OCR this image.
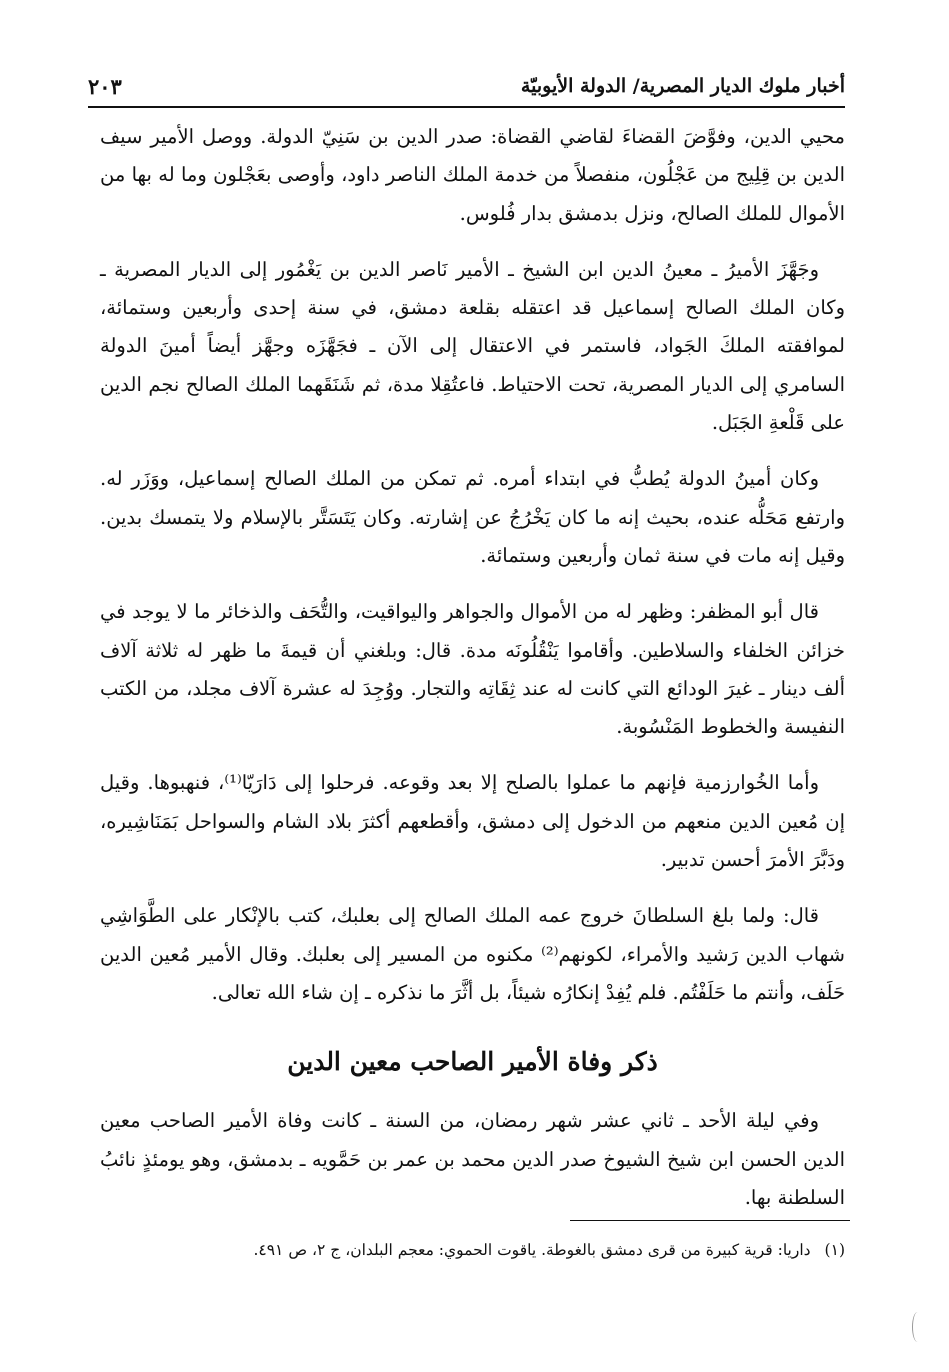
أخبار ملوك الديار المصرية/ الدولة الأيوبيّة
٢٠٣

محيي الدين، وفوَّضَ القضاءَ لقاضي القضاة: صدر الدين بن سَنِيّ الدولة. ووصل الأمير سيف الدين بن قِلِيج من عَجْلُون، منفصلاً من خدمة الملك الناصر داود، وأوصى بعَجْلون وما له بها من الأموال للملك الصالح، ونزل بدمشق بدار فُلوس.

وجَهَّزَ الأميرُ ـ معينُ الدين ابن الشيخ ـ الأمير نَاصر الدين بن يَغْمُور إلى الديار المصرية ـ وكان الملك الصالح إسماعيل قد اعتقله بقلعة دمشق، في سنة إحدى وأربعين وستمائة، لموافقته الملكَ الجَواد، فاستمر في الاعتقال إلى الآن ـ فجَهَّزَه وجهَّز أيضاً أمينَ الدولة السامري إلى الديار المصرية، تحت الاحتياط. فاعتُقِلا مدة، ثم شَنَقَهما الملك الصالح نجم الدين على قَلْعةِ الجَبَل.

وكان أمينُ الدولة يُطبُّ في ابتداء أمره. ثم تمكن من الملك الصالح إسماعيل، ووَزَر له. وارتفع مَحَلُّه عنده، بحيث إنه ما كان يَخْرُجُ عن إشارته. وكان يَتَسَتَّر بالإسلام ولا يتمسك بدين. وقيل إنه مات في سنة ثمان وأربعين وستمائة.

قال أبو المظفر: وظهر له من الأموال والجواهر واليواقيت، والتُّحَف والذخائر ما لا يوجد في خزائن الخلفاء والسلاطين. وأقاموا يَنْقُلُونَه مدة. قال: وبلغني أن قيمةَ ما ظهر له ثلاثة آلاف ألف دينار ـ غيرَ الودائع التي كانت له عند ثِقَاتِه والتجار. ووُجِدَ له عشرة آلاف مجلد، من الكتب النفيسة والخطوط المَنْسُوبة.

وأما الخُوارزمية فإنهم ما عملوا بالصلح إلا بعد وقوعه. فرحلوا إلى دَارَيّا⁽¹⁾، فنهبوها. وقيل إن مُعين الدين منعهم من الدخول إلى دمشق، وأقطعهم أكثرَ بلاد الشام والسواحل بَمَنَاشِيره، ودَبَّرَ الأمرَ أحسن تدبير.

قال: ولما بلغ السلطانَ خروج عمه الملك الصالح إلى بعلبك، كتب بالإنْكار على الطَّوَاشِي شهاب الدين رَشيد والأمراء، لكونهم⁽²⁾ مكنوه من المسير إلى بعلبك. وقال الأمير مُعين الدين حَلَف، وأنتم ما حَلَفْتُم. فلم يُفِدْ إنكارُه شيئاً، بل أثَّرَ ما نذكره ـ إن شاء الله تعالى.

ذكر وفاة الأمير الصاحب معين الدين

وفي ليلة الأحد ـ ثاني عشر شهر رمضان، من السنة ـ كانت وفاة الأمير الصاحب معين الدين الحسن ابن شيخ الشيوخ صدر الدين محمد بن عمر بن حَمَّويه ـ بدمشق، وهو يومئذٍ نائبُ السلطنة بها.

(١)
داريا: قرية كبيرة من قرى دمشق بالغوطة. ياقوت الحموي: معجم البلدان، ج ٢، ص ٤٩١.
